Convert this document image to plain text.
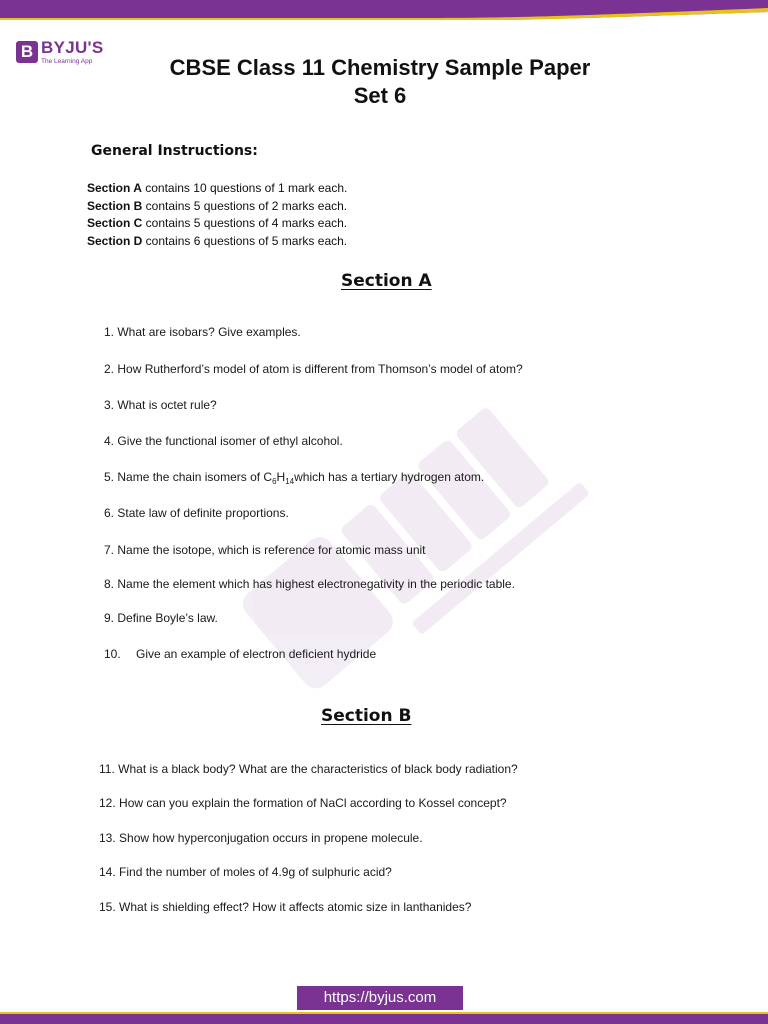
B BYJU'S
The Learning App	CBSE Class 11 Chemistry Sample Paper
Set 6
General Instructions:
Section A contains 10 questions of 1 mark each.
Section B contains 5 questions of 2 marks each.
Section C contains 5 questions of 4 marks each.
Section D contains 6 questions of 5 marks each.
Section A
1. What are isobars? Give examples.
2. How Rutherford’s model of atom is different from Thomson’s model of atom?
3. What is octet rule?
4. Give the functional isomer of ethyl alcohol.
5. Name the chain isomers of $C_6H_{14}which$ has a tertiary hydrogen atom.
6. State law of definite proportions.
7. Name the isotope, which is reference for atomic mass unit
8. Name the element which has highest electronegativity in the periodic table.
9. Define Boyle’s law.
10. Give an example of electron deficient hydride
Section B
11. What is a black body? What are the characteristics of black body radiation?
12. How can you explain the formation of NaCl according to Kossel concept?
13. Show how hyperconjugation occurs in propene molecule.
14. Find the number of moles of 4.9g of sulphuric acid?
15. What is shielding effect? How it affects atomic size in lanthanides?
https://byjus.com
